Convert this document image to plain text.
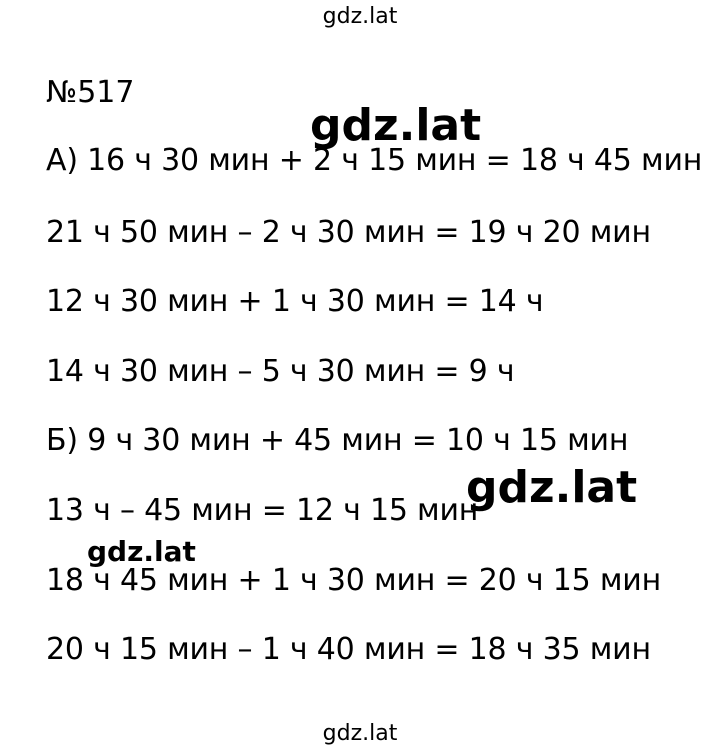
gdz.lat
№517
А) 16 ч 30 мин + 2 ч 15 мин = 18 ч 45 мин
21 ч 50 мин – 2 ч 30 мин = 19 ч 20 мин
12 ч 30 мин + 1 ч 30 мин = 14 ч
14 ч 30 мин – 5 ч 30 мин = 9 ч
Б) 9 ч 30 мин + 45 мин = 10 ч 15 мин
13 ч – 45 мин = 12 ч 15 мин
18 ч 45 мин + 1 ч 30 мин = 20 ч 15 мин
20 ч 15 мин – 1 ч 40 мин = 18 ч 35 мин
gdz.lat
gdz.lat
gdz.lat
gdz.lat
